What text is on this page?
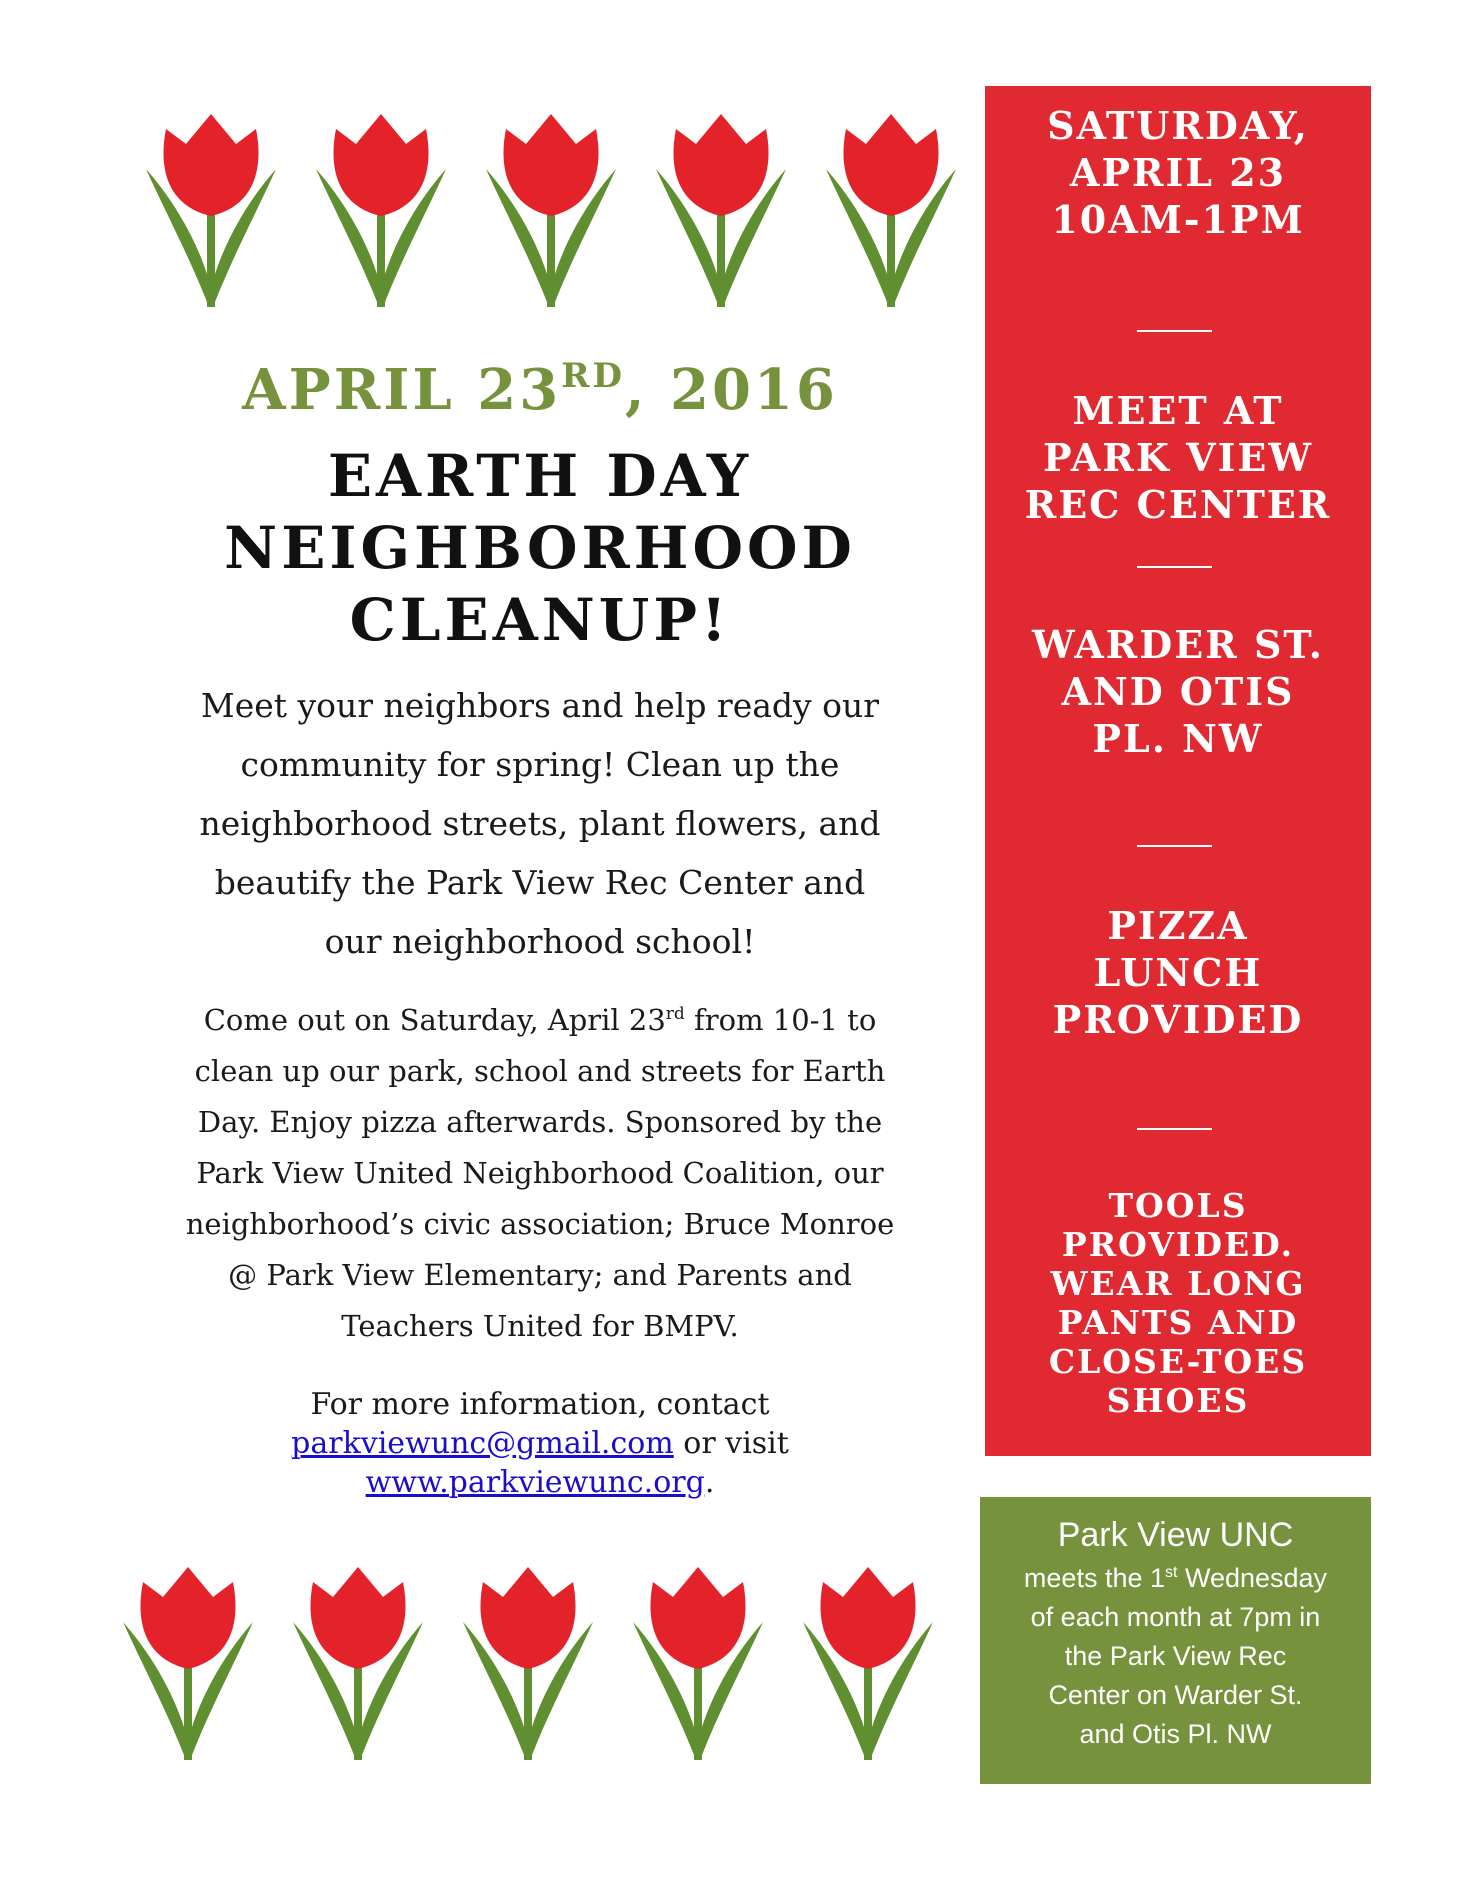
APRIL 23RD, 2016
EARTH DAY
NEIGHBORHOOD
CLEANUP!
Meet your neighbors and help ready our
community for spring! Clean up the
neighborhood streets, plant flowers, and
beautify the Park View Rec Center and
our neighborhood school!
Come out on Saturday, April 23rd from 10-1 to
clean up our park, school and streets for Earth
Day. Enjoy pizza afterwards. Sponsored by the
Park View United Neighborhood Coalition, our
neighborhood’s civic association; Bruce Monroe
@ Park View Elementary; and Parents and
Teachers United for BMPV.
For more information, contact
parkviewunc@gmail.com or visit
www.parkviewunc.org.
SATURDAY,
APRIL 23
10AM-1PM
MEET AT
PARK VIEW
REC CENTER
WARDER ST.
AND OTIS
PL. NW
PIZZA
LUNCH
PROVIDED
TOOLS
PROVIDED.
WEAR LONG
PANTS AND
CLOSE-TOES
SHOES
Park View UNC
meets the 1st Wednesday
of each month at 7pm in
the Park View Rec
Center on Warder St.
and Otis Pl. NW
